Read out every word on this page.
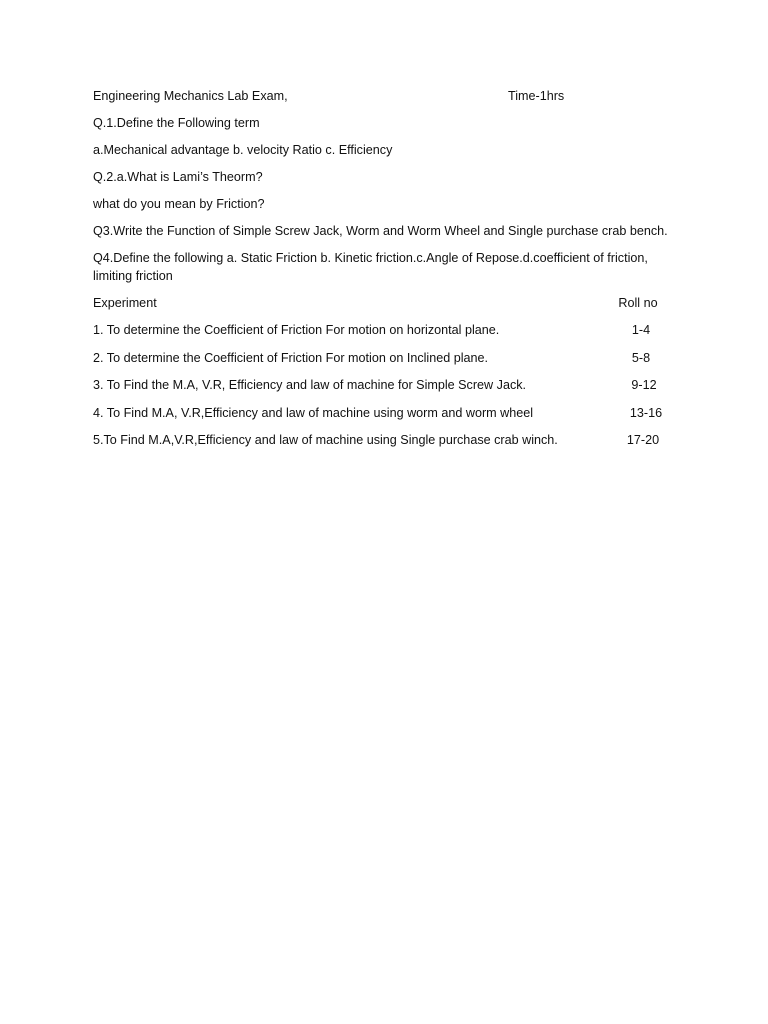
Engineering Mechanics Lab Exam,	Time-1hrs
Q.1.Define the Following term
a.Mechanical advantage b. velocity Ratio c. Efficiency
Q.2.a.What is Lami’s Theorm?
what do you mean by Friction?
Q3.Write the Function of Simple Screw Jack, Worm and Worm Wheel and Single purchase crab bench.
Q4.Define the following a. Static Friction b. Kinetic friction.c.Angle of Repose.d.coefficient of friction, limiting friction
Experiment	Roll no
1. To determine the Coefficient of Friction For motion on horizontal plane.	1-4
2. To determine the Coefficient of Friction For motion on Inclined plane.	5-8
3. To Find the M.A, V.R, Efficiency and law of machine for Simple Screw Jack.	9-12
4. To Find M.A, V.R,Efficiency and law of machine using worm and worm wheel	13-16
5.To Find M.A,V.R,Efficiency and law of machine using Single purchase crab winch.	17-20
